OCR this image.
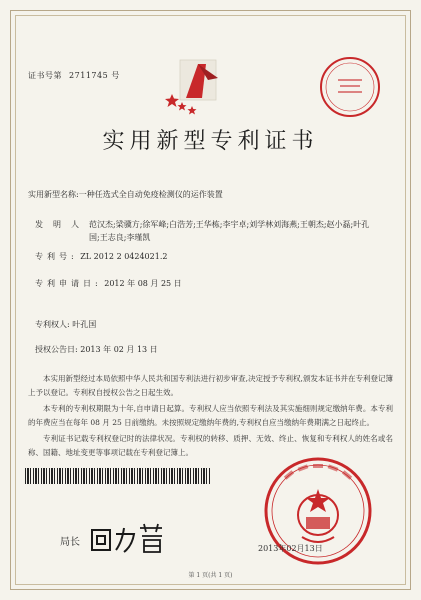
证书号第 2711745 号
实用新型专利证书
实用新型名称:一种任选式全自动免疫检测仪的运作装置
发明人:
范汉杰;梁骥方;徐军峰;白浩芳;王华栋;李宇卓;刘学林刘海燕;王朝杰;赵小磊;叶孔国;王志良;李瑾凯
专利号: ZL 2012 2 0424021.2
专利申请日: 2012 年 08 月 25 日
专利权人: 叶孔国
授权公告日: 2013 年 02 月 13 日

本实用新型经过本局依照中华人民共和国专利法进行初步审查,决定授予专利权,颁发本证书并在专利登记簿上予以登记。专利权自授权公告之日起生效。

本专利的专利权期限为十年,自申请日起算。专利权人应当依照专利法及其实施细则规定缴纳年费。本专利的年费应当在每年 08 月 25 日前缴纳。未按照规定缴纳年费的,专利权自应当缴纳年费期满之日起终止。

专利证书记载专利权登记时的法律状况。专利权的转移、质押、无效、终止、恢复和专利权人的姓名或名称、国籍、地址变更等事项记载在专利登记簿上。

局长
2013年02月13日
第 1 页(共 1 页)
